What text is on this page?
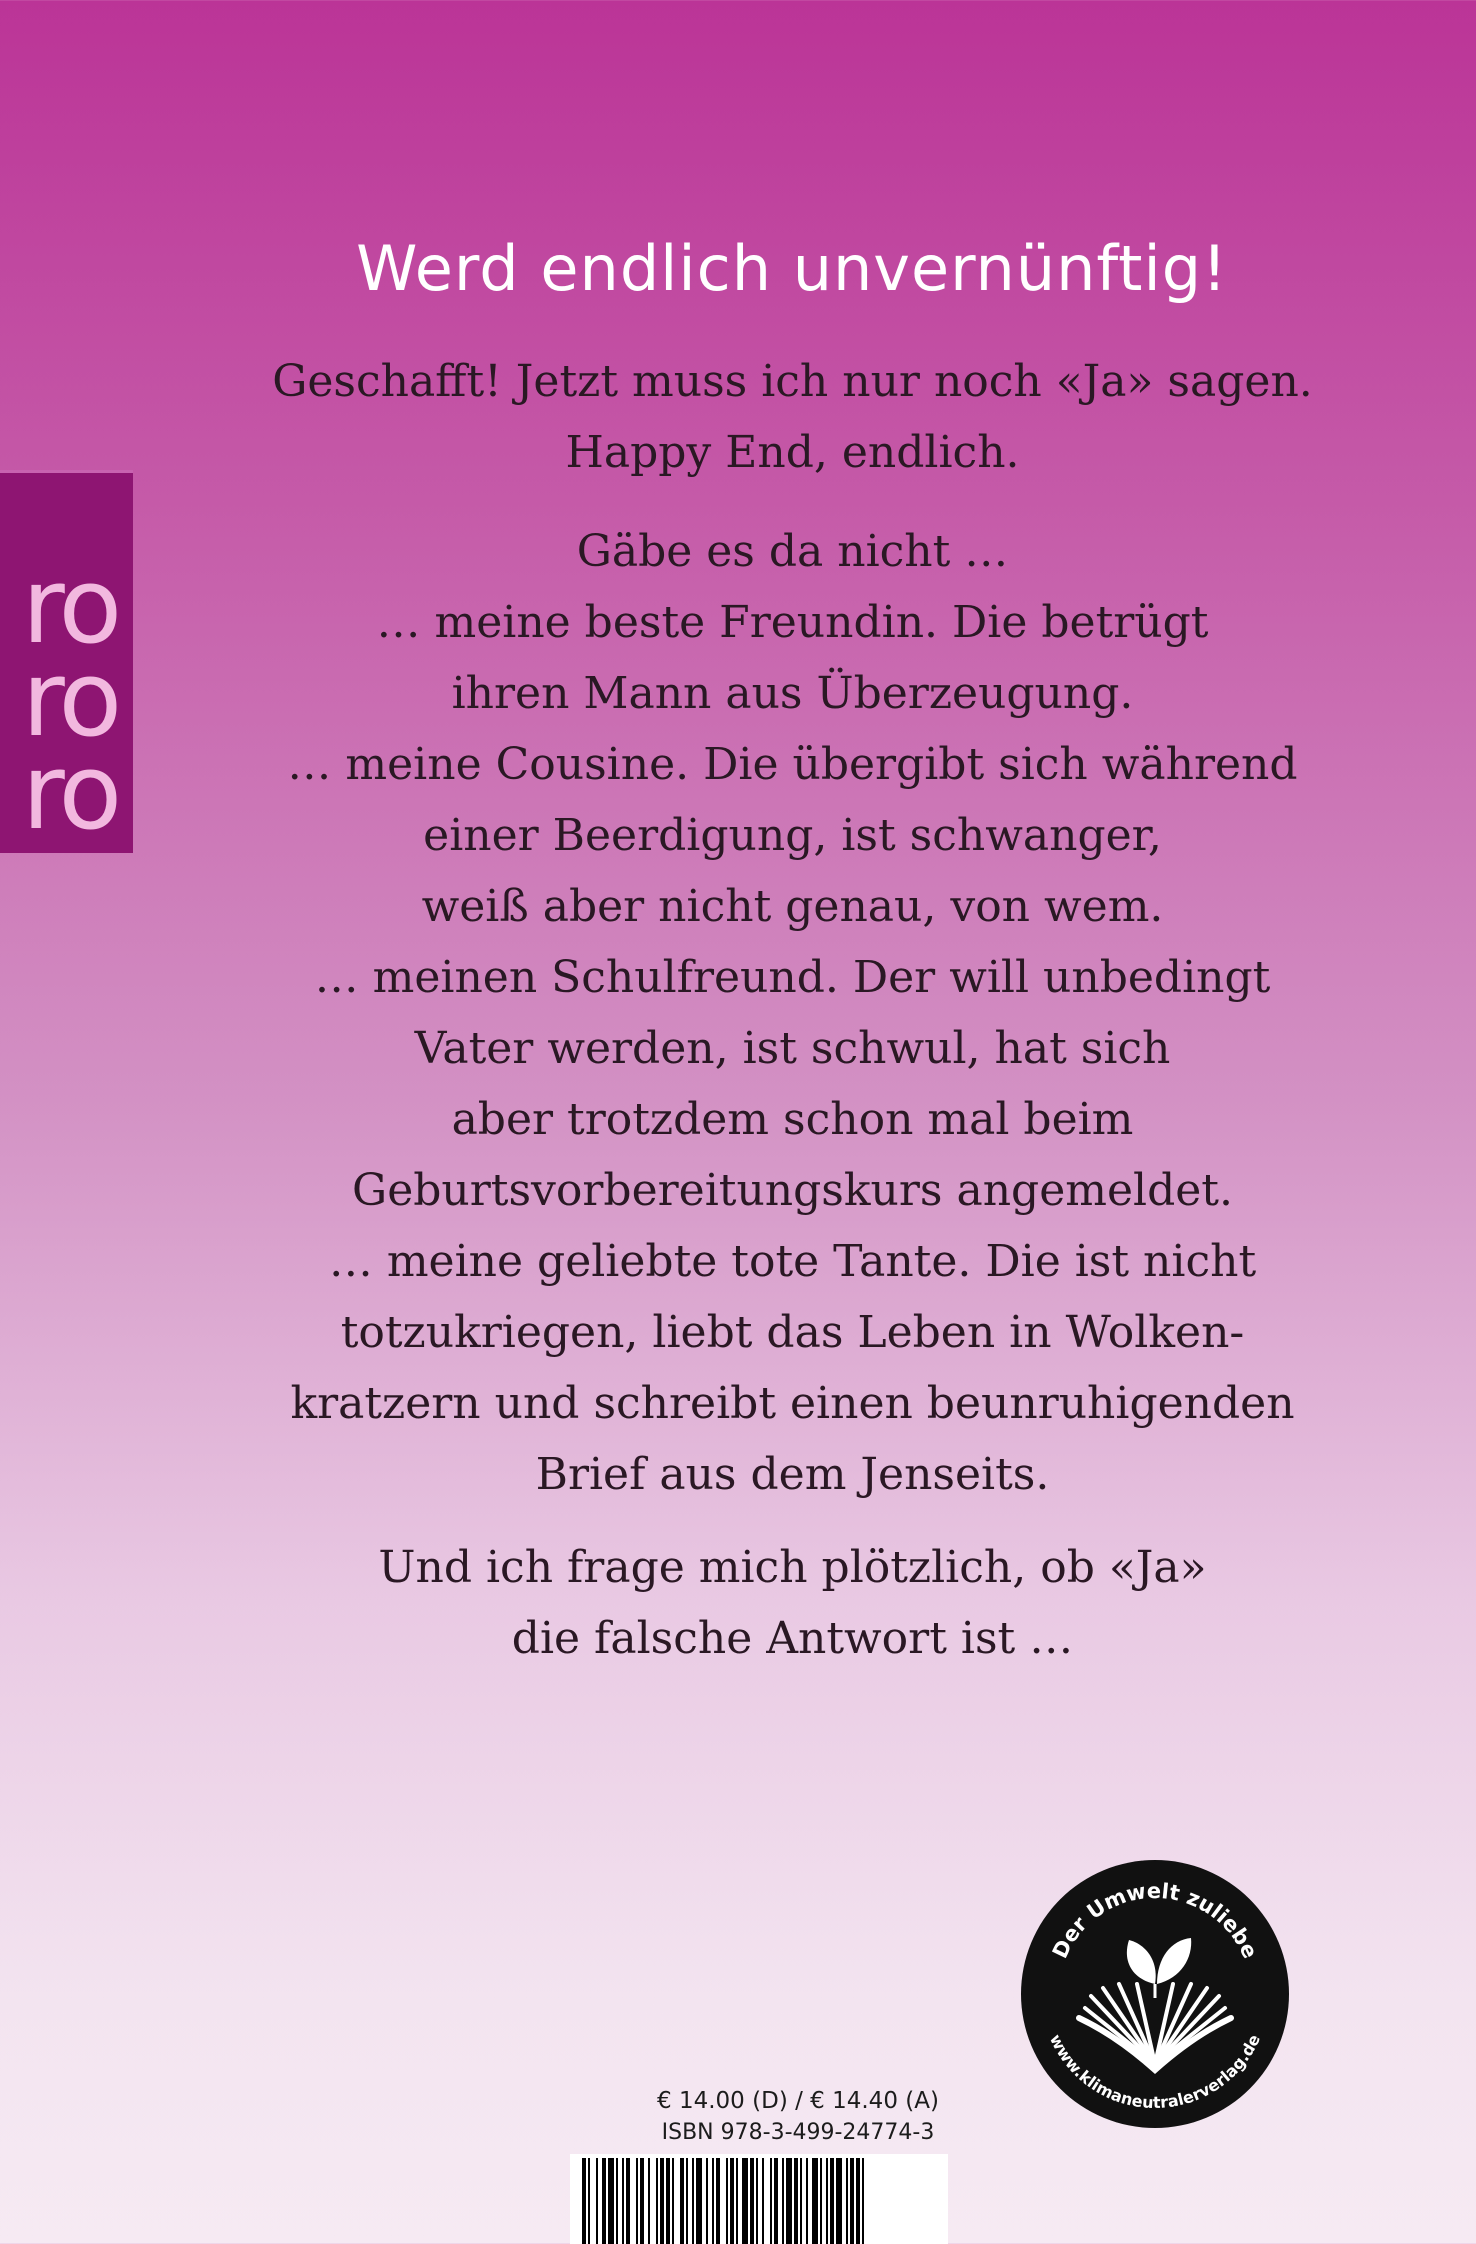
ro
ro
ro
Werd endlich unvernünftig!
Geschafft! Jetzt muss ich nur noch «Ja» sagen.
Happy End, endlich.
Gäbe es da nicht …
… meine beste Freundin. Die betrügt
ihren Mann aus Überzeugung.
… meine Cousine. Die übergibt sich während
einer Beerdigung, ist schwanger,
weiß aber nicht genau, von wem.
… meinen Schulfreund. Der will unbedingt
Vater werden, ist schwul, hat sich
aber trotzdem schon mal beim
Geburtsvorbereitungskurs angemeldet.
… meine geliebte tote Tante. Die ist nicht
totzukriegen, liebt das Leben in Wolken-
kratzern und schreibt einen beunruhigenden
Brief aus dem Jenseits.
Und ich frage mich plötzlich, ob «Ja»
die falsche Antwort ist …
Der Umwelt zuliebe
www.klimaneutralerverlag.de
€ 14.00 (D) / € 14.40 (A)
ISBN 978-3-499-24774-3
